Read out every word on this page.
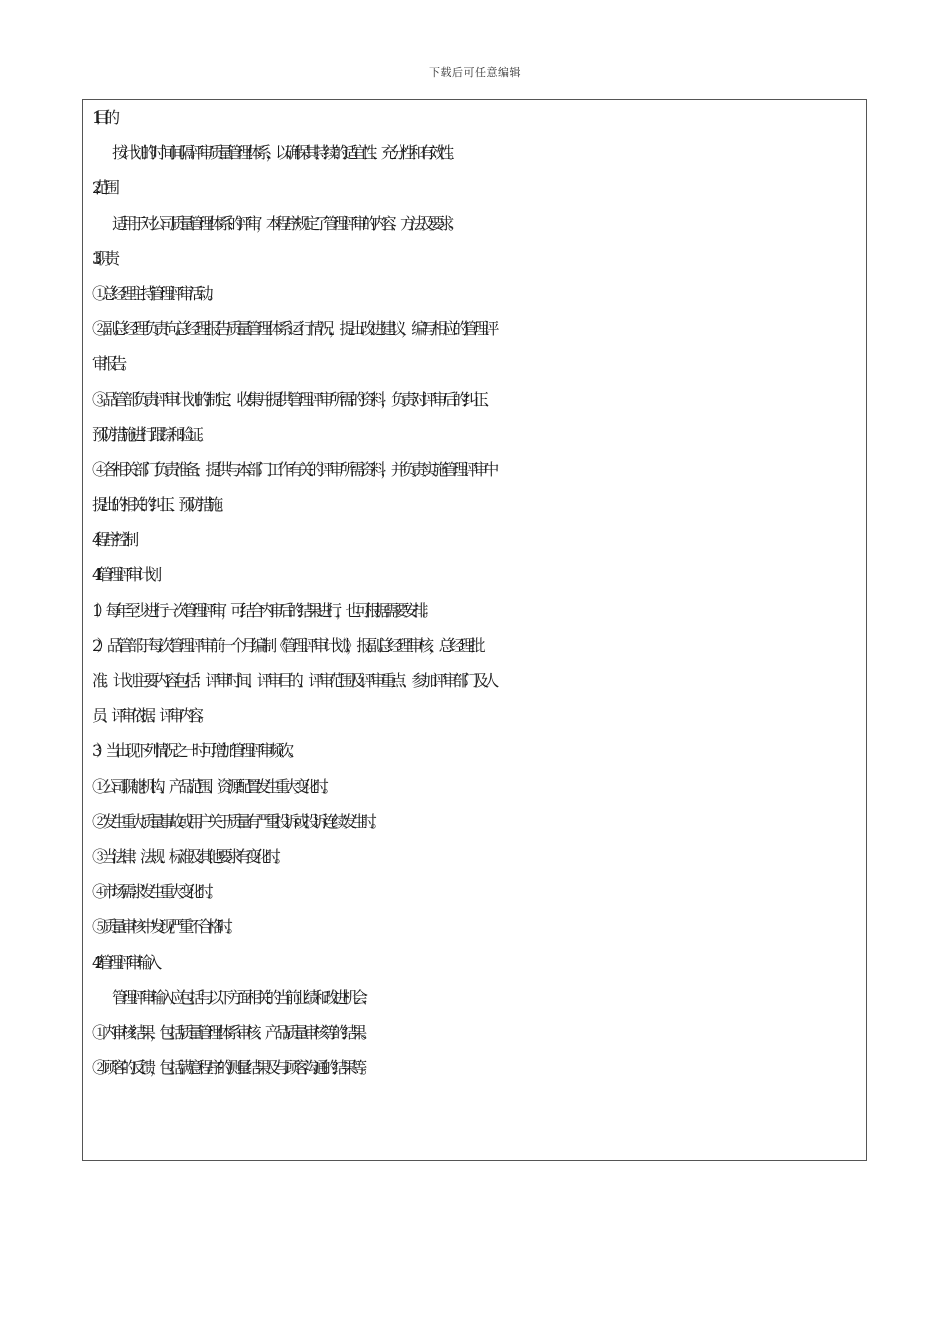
下载后可任意编辑
1.目的
按计划的时间间隔评审质量管理体系，以确保其持续的适宜性、充分性和有效性。
2.范围
适用于对公司质量管理体系的评审，本程序规定了管理评审的内容、方法及要求。
3.职责
①总经理主持管理评审活动。
②副总经理负责向总经理报告质量管理体系运行情况，提出改进建议，编写相应的管理评
审报告。
③品管部负责评审计划的制定、收集并提供管理评审所需的资料，负责对评审后的纠正、
预防措施进行跟踪和验证。
④各相关部门负责准备、提供与本部门工作有关的评审所需资料，并负责实施管理评审中
提出的相关的纠正、预防措施。
4.程序控制
4.1管理评审计划
1）每年至少进行一次管理评审，可结合内审后的结果进行，也可根据需要安排。
2）品管部于每次管理评审前一个月编制《管理评审计划》，报副总经理审核，总经理批
准。计划主要内容包括：评审时间、评审目的、评审范围及评审重点、参加评审部门及人
员、评审依据、评审内容。
3）当出现下列情况之一时可增加管理评审频次。
①公司职能机构、产品范围、资源配置发生重大变化时。
②发生重大质量事故或用户关于质量有严重投诉或投诉连续发生时。
③当法律、法规、标准及其他要求有变化时。
④市场需求发生重大变化时。
⑤质量审核中发现严重不合格时。
4.2管理评审输入
管理评审输入应包括与以下方面相关的当前业绩和改进机会：
①内审核结果，包括质量管理体系审核、产品质量审核等的结果。
②顾客的反馈，包括满意程序的测量结果及与顾客沟通的结果等。
